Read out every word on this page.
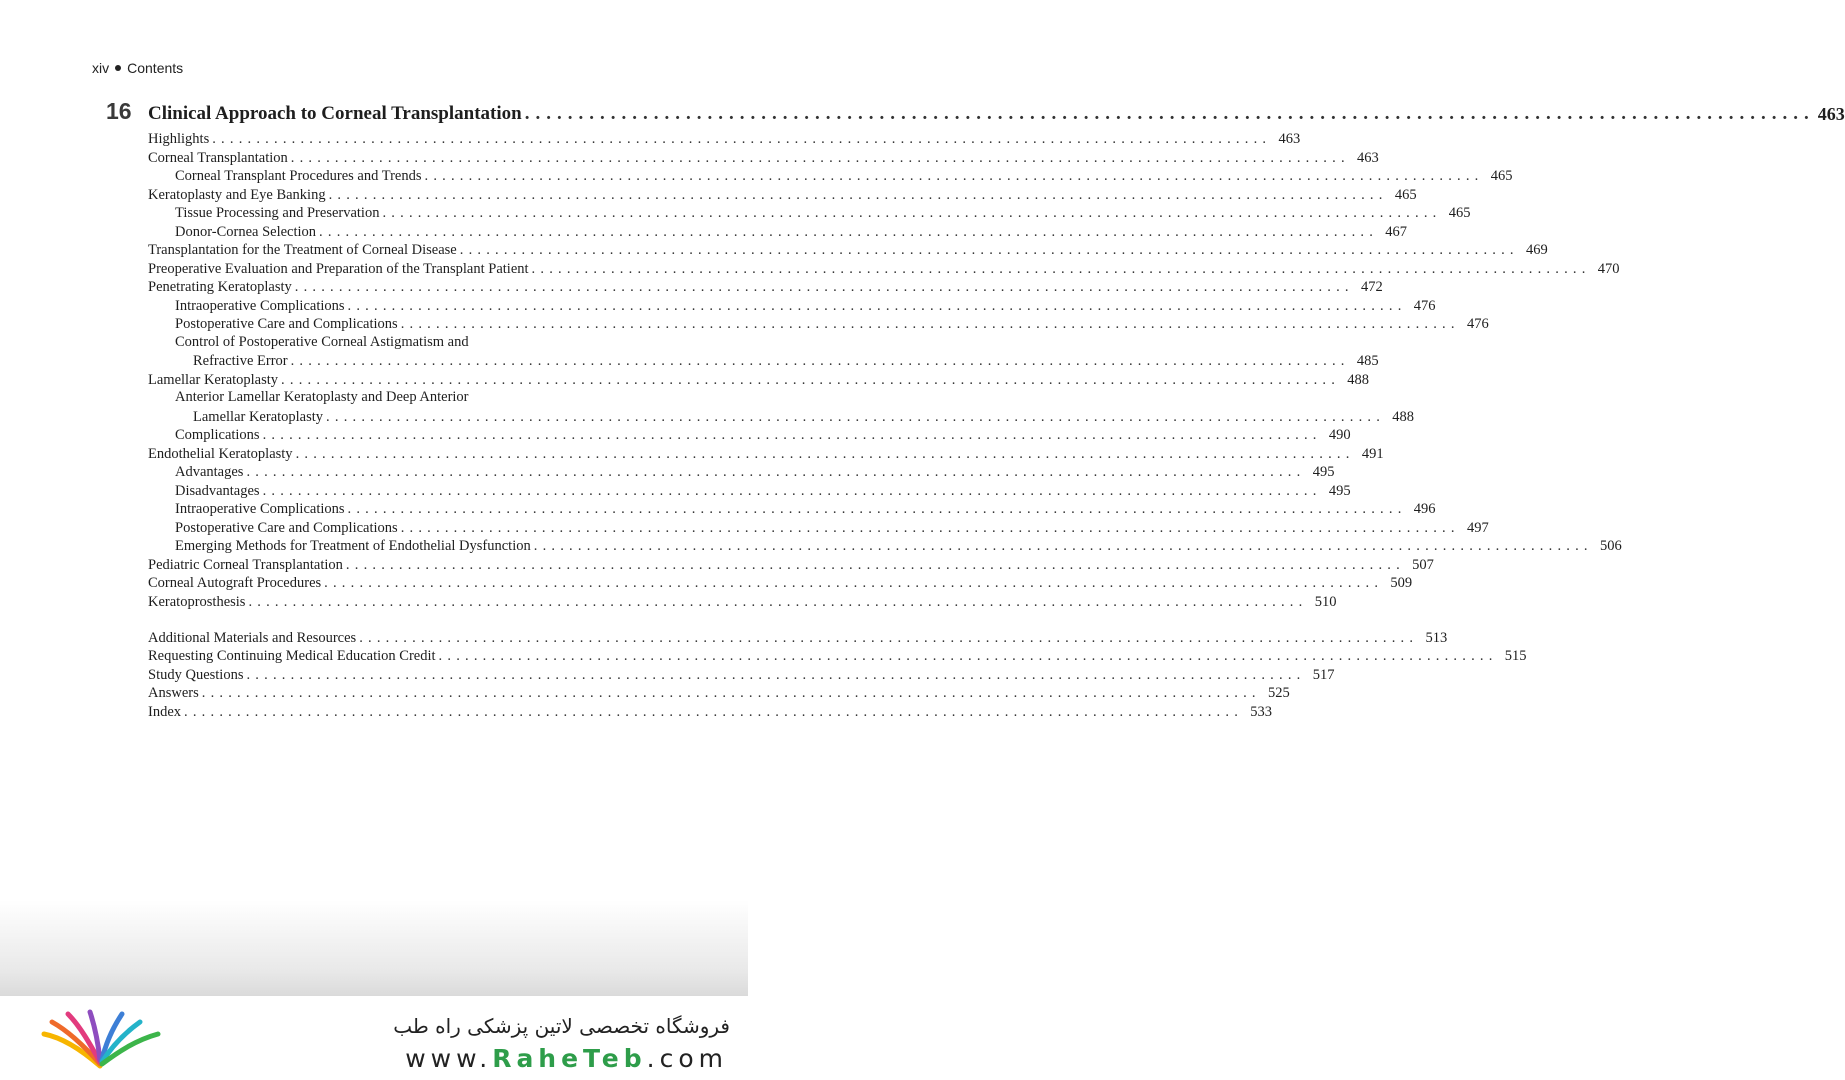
xiv Contents
16 Clinical Approach to Corneal Transplantation ........................................................................................................................ 463
Highlights ........................................................................................................................ 463
Corneal Transplantation ........................................................................................................................ 463
Corneal Transplant Procedures and Trends ........................................................................................................................ 465
Keratoplasty and Eye Banking ........................................................................................................................ 465
Tissue Processing and Preservation ........................................................................................................................ 465
Donor-Cornea Selection ........................................................................................................................ 467
Transplantation for the Treatment of Corneal Disease ........................................................................................................................ 469
Preoperative Evaluation and Preparation of the Transplant Patient ........................................................................................................................ 470
Penetrating Keratoplasty ........................................................................................................................ 472
Intraoperative Complications ........................................................................................................................ 476
Postoperative Care and Complications ........................................................................................................................ 476
Control of Postoperative Corneal Astigmatism and
Refractive Error ........................................................................................................................ 485
Lamellar Keratoplasty ........................................................................................................................ 488
Anterior Lamellar Keratoplasty and Deep Anterior
Lamellar Keratoplasty ........................................................................................................................ 488
Complications ........................................................................................................................ 490
Endothelial Keratoplasty ........................................................................................................................ 491
Advantages ........................................................................................................................ 495
Disadvantages ........................................................................................................................ 495
Intraoperative Complications ........................................................................................................................ 496
Postoperative Care and Complications ........................................................................................................................ 497
Emerging Methods for Treatment of Endothelial Dysfunction ........................................................................................................................ 506
Pediatric Corneal Transplantation ........................................................................................................................ 507
Corneal Autograft Procedures ........................................................................................................................ 509
Keratoprosthesis ........................................................................................................................ 510
Additional Materials and Resources ........................................................................................................................ 513
Requesting Continuing Medical Education Credit ........................................................................................................................ 515
Study Questions ........................................................................................................................ 517
Answers ........................................................................................................................ 525
Index ........................................................................................................................ 533
فروشگاه تخصصی لاتین پزشکی راه طب
www.RaheTeb.com
